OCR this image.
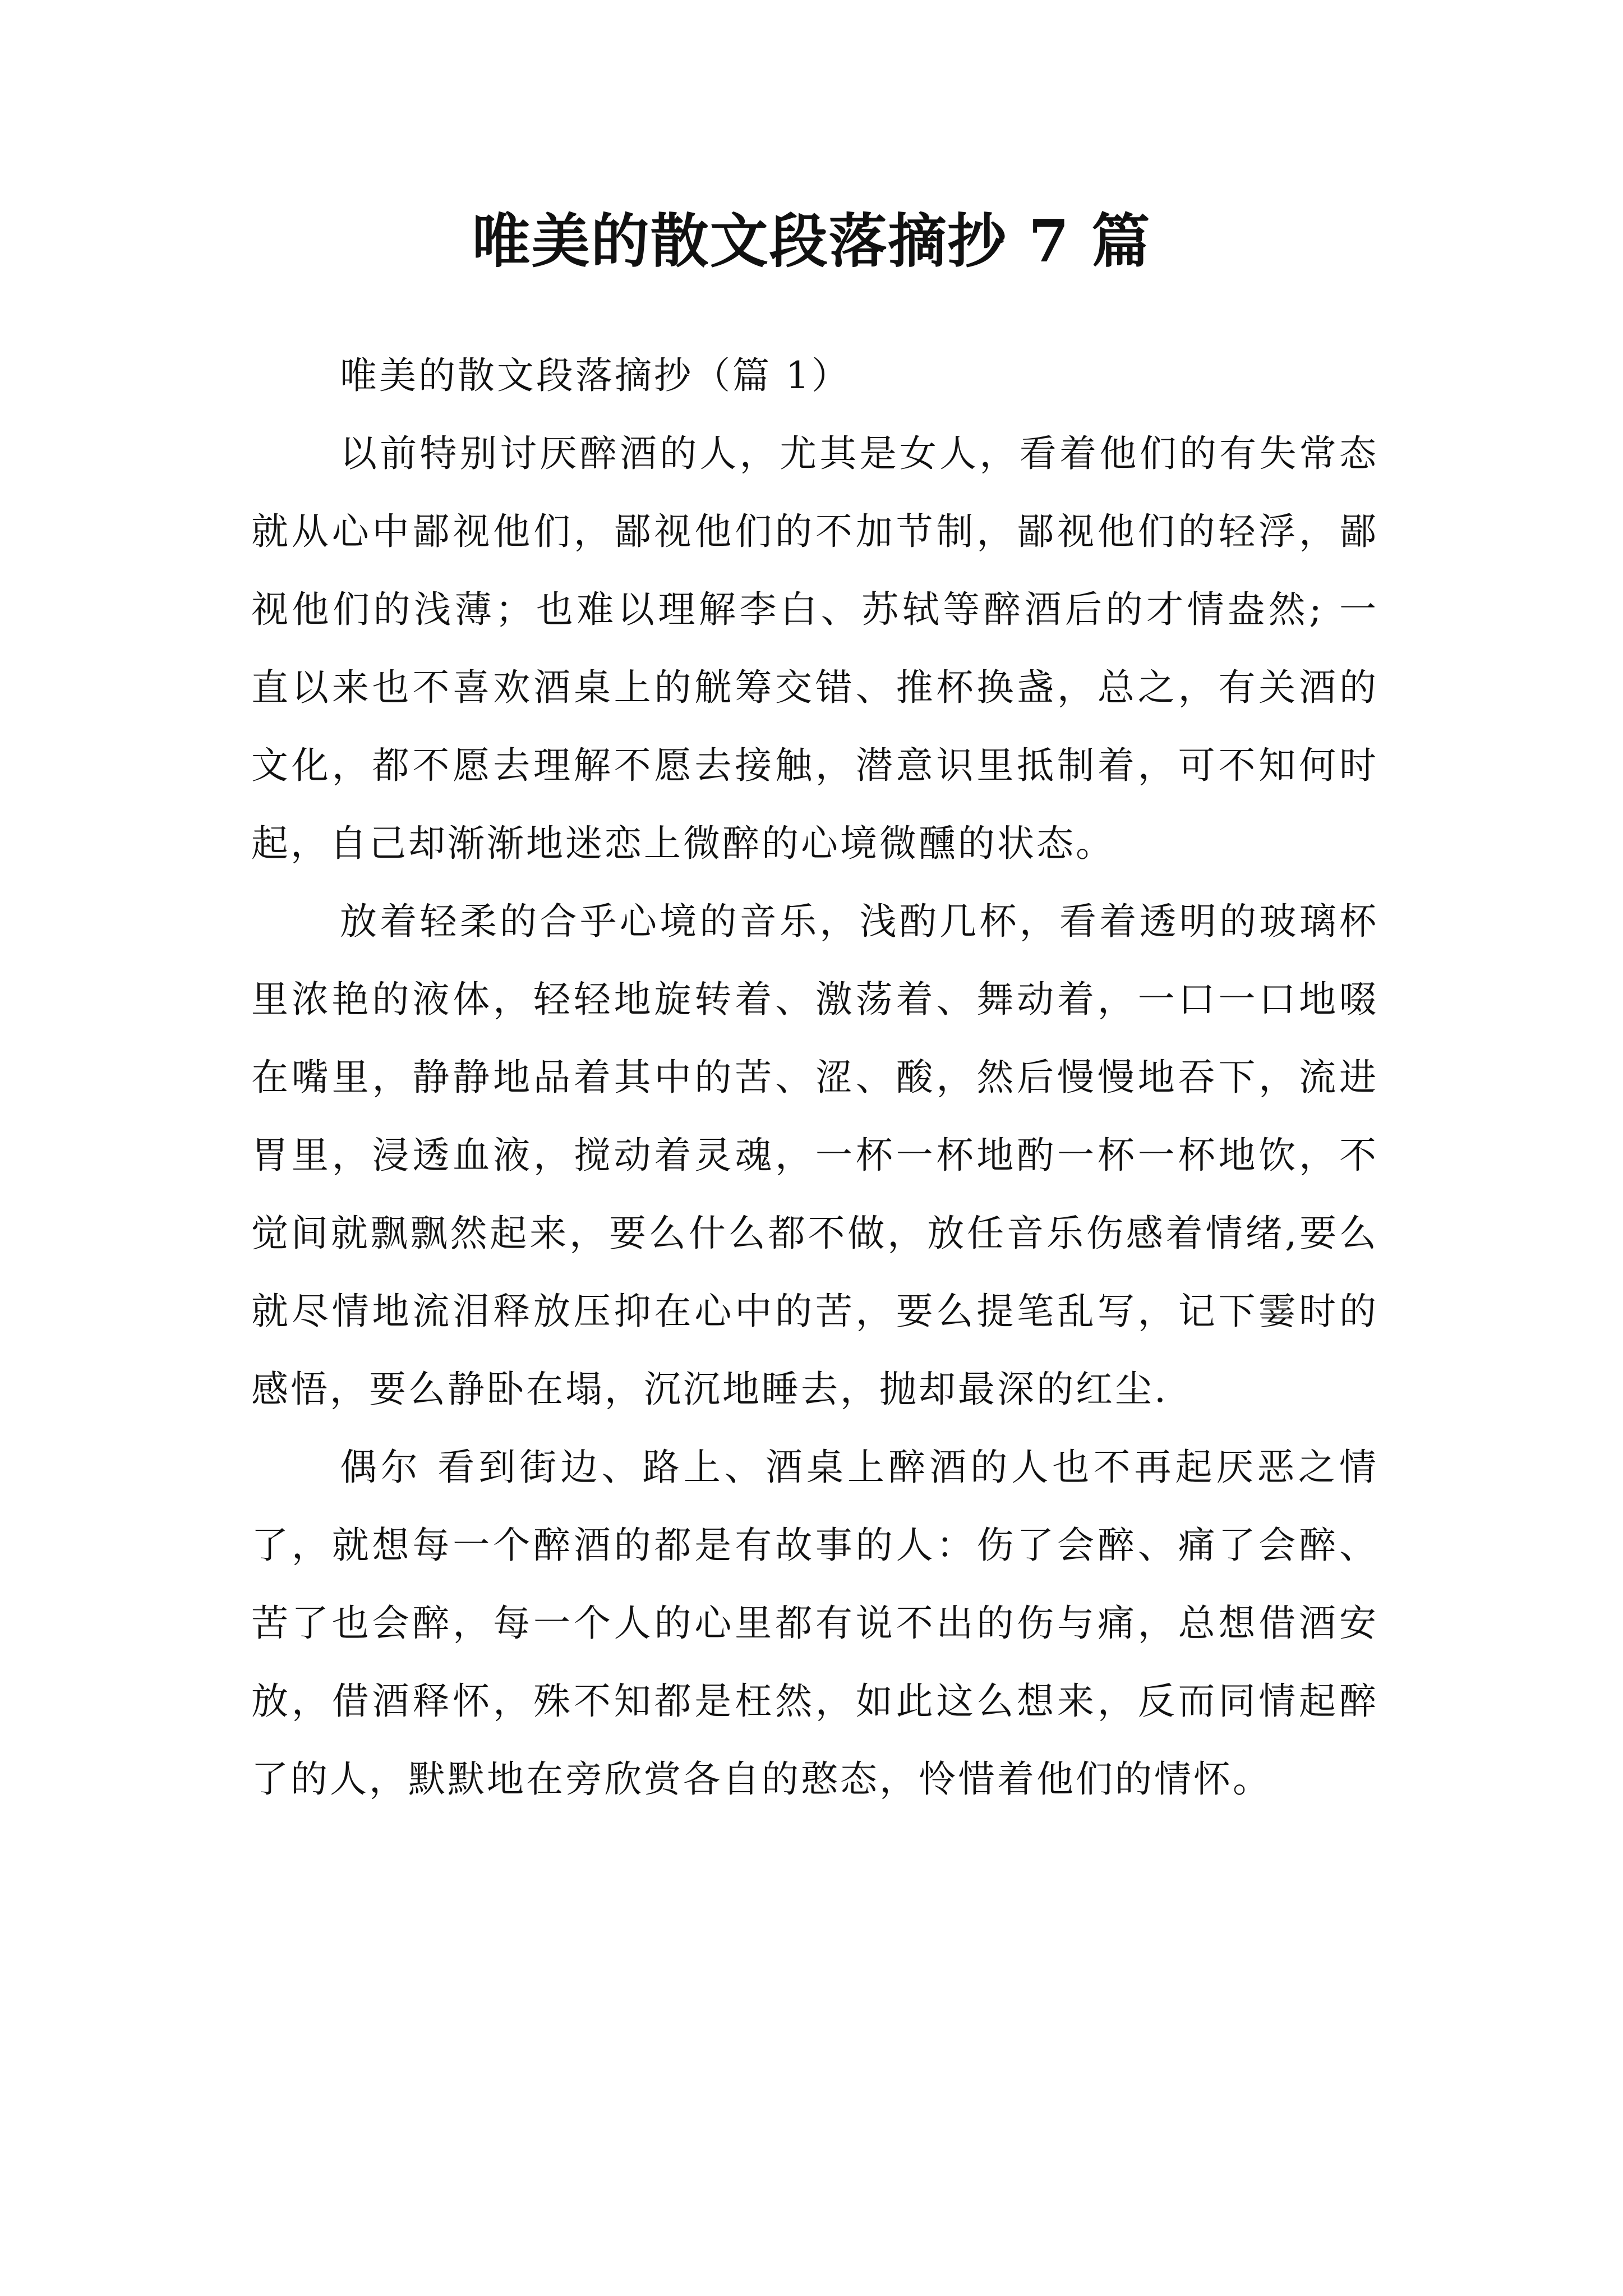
唯美的散文段落摘抄 7 篇

唯美的散文段落摘抄（篇 1）

以前特别讨厌醉酒的人，尤其是女人，看着他们的有失常态就从心中鄙视他们，鄙视他们的不加节制，鄙视他们的轻浮，鄙视他们的浅薄；也难以理解李白、苏轼等醉酒后的才情盎然; 一直以来也不喜欢酒桌上的觥筹交错、推杯换盏，总之，有关酒的文化，都不愿去理解不愿去接触，潜意识里抵制着，可不知何时起，自己却渐渐地迷恋上微醉的心境微醺的状态。

放着轻柔的合乎心境的音乐，浅酌几杯，看着透明的玻璃杯里浓艳的液体，轻轻地旋转着、激荡着、舞动着，一口一口地啜在嘴里，静静地品着其中的苦、涩、酸，然后慢慢地吞下，流进胃里，浸透血液，搅动着灵魂，一杯一杯地酌一杯一杯地饮，不觉间就飘飘然起来，要么什么都不做，放任音乐伤感着情绪,要么就尽情地流泪释放压抑在心中的苦，要么提笔乱写，记下霎时的感悟，要么静卧在塌，沉沉地睡去，抛却最深的红尘.

偶尔 看到街边、路上、酒桌上醉酒的人也不再起厌恶之情了，就想每一个醉酒的都是有故事的人：伤了会醉、痛了会醉、苦了也会醉，每一个人的心里都有说不出的伤与痛，总想借酒安放，借酒释怀，殊不知都是枉然，如此这么想来，反而同情起醉了的人，默默地在旁欣赏各自的憨态，怜惜着他们的情怀。
